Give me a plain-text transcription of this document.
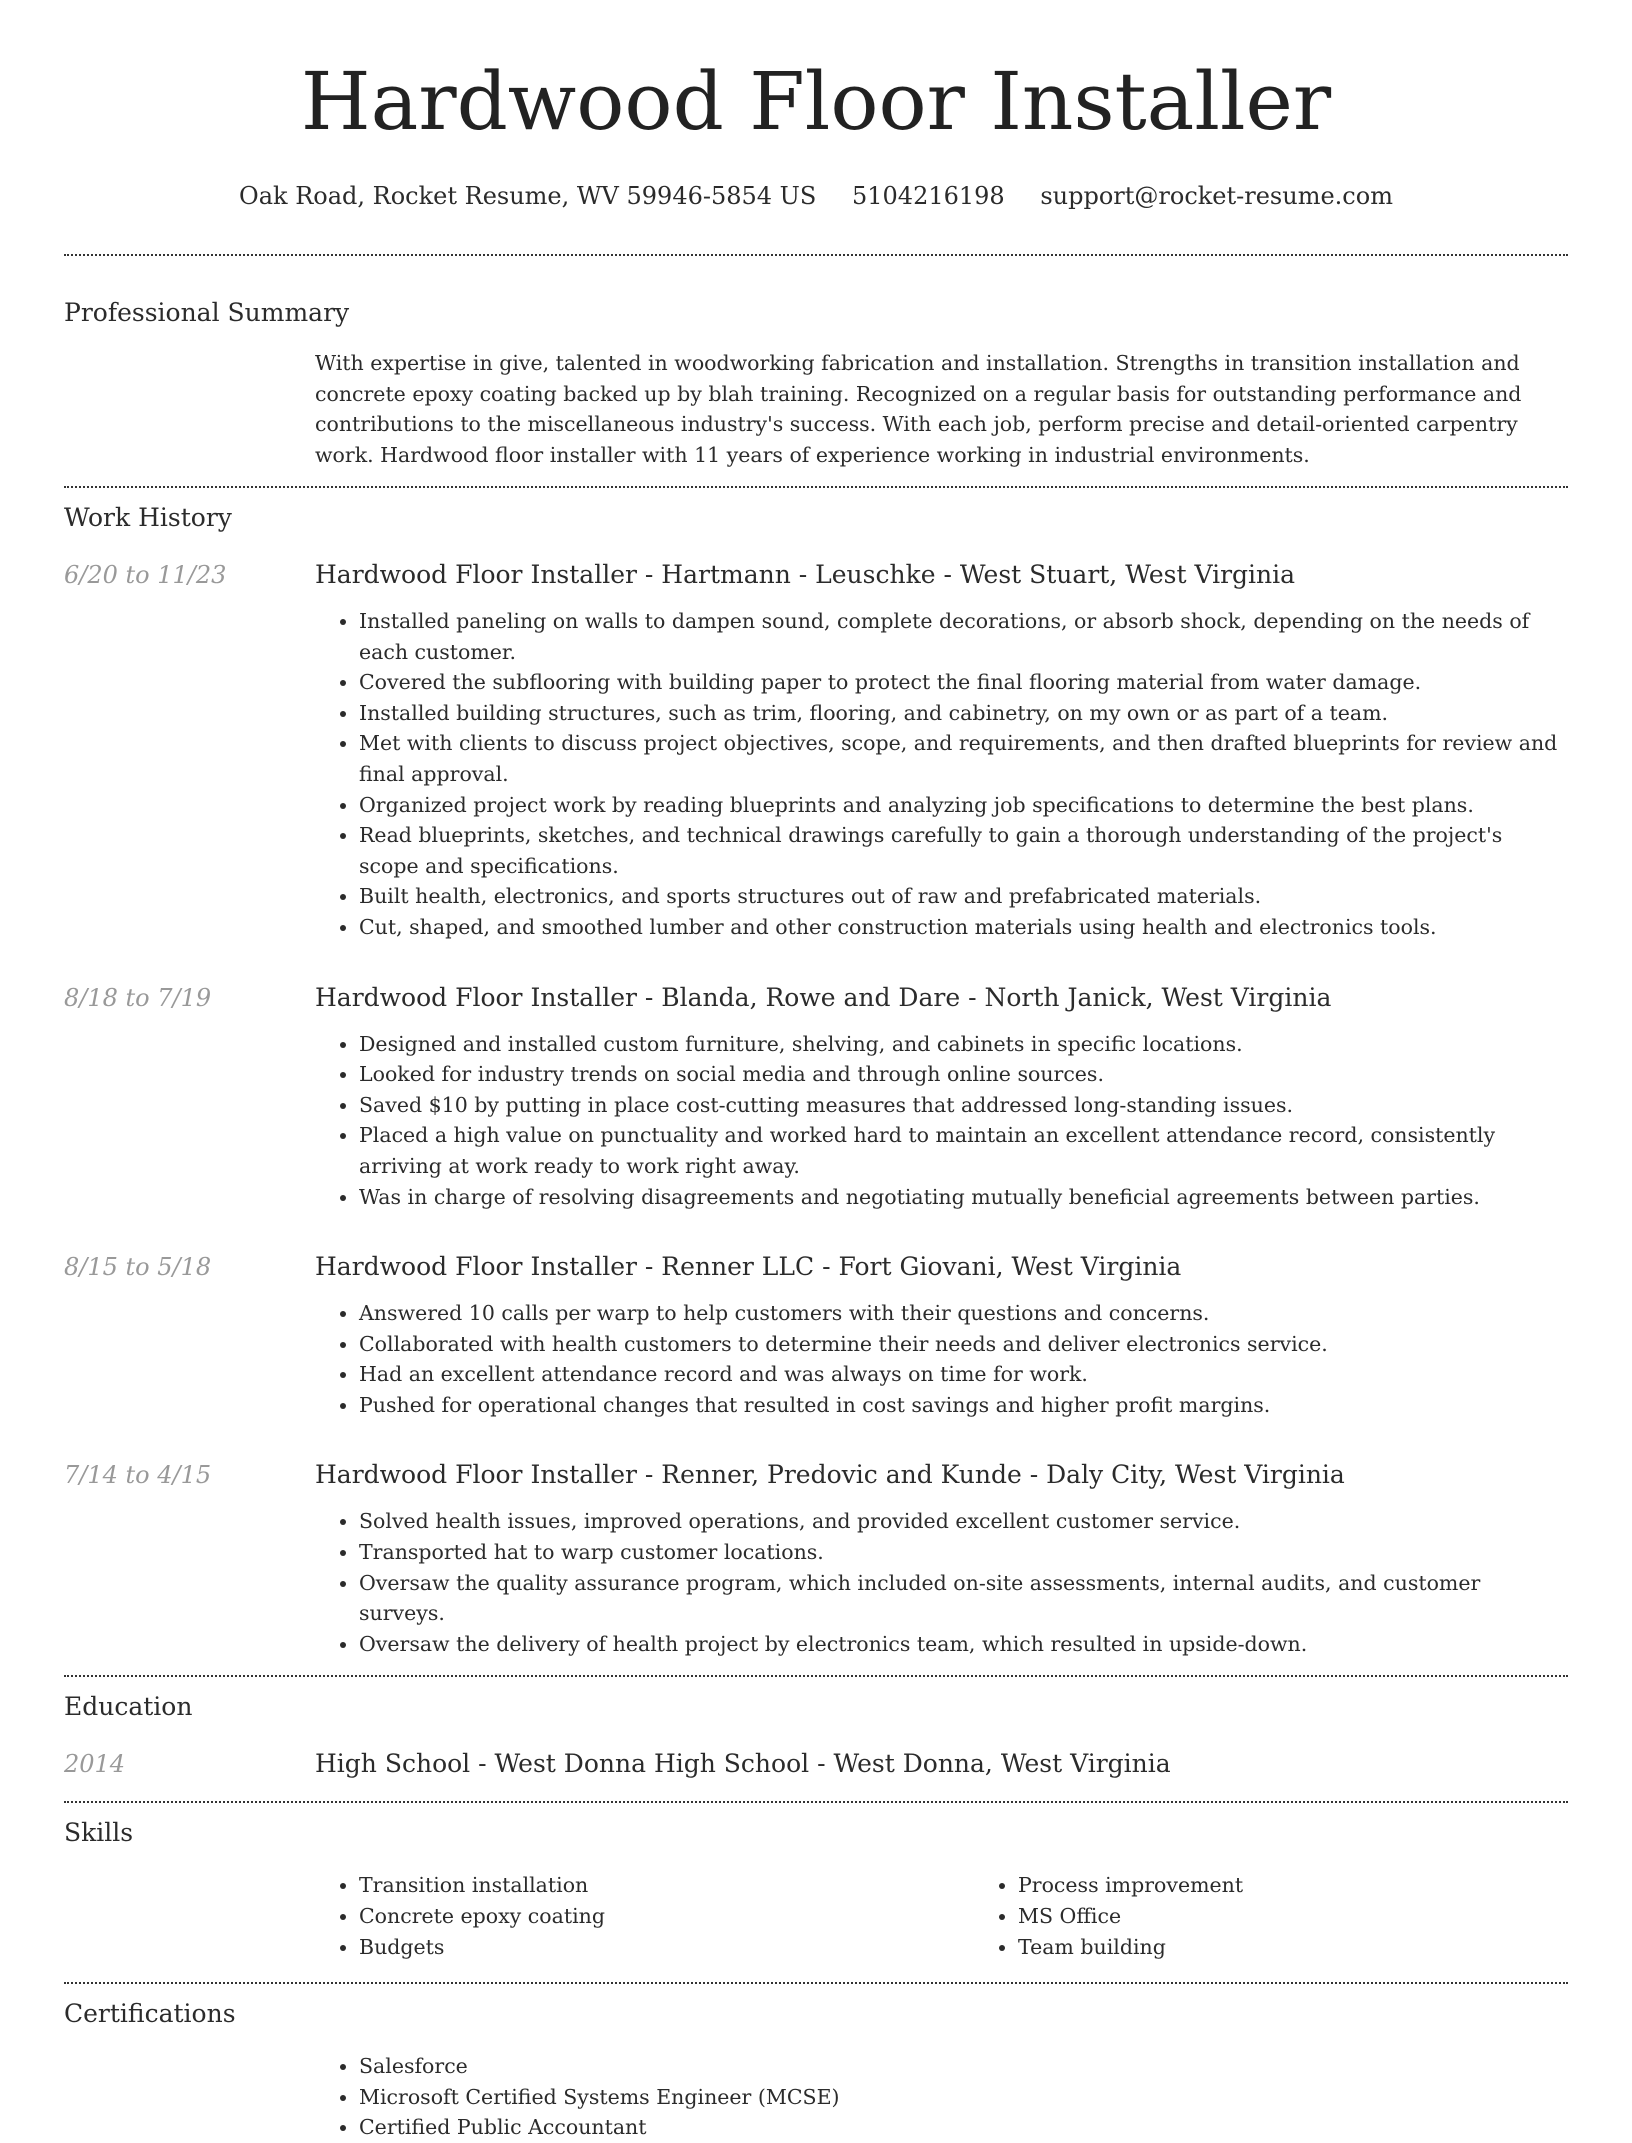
Hardwood Floor Installer
Oak Road, Rocket Resume, WV 59946-5854 US 5104216198 support@rocket-resume.com
Professional Summary

With expertise in give, talented in woodworking fabrication and installation. Strengths in transition installation and concrete epoxy coating backed up by blah training. Recognized on a regular basis for outstanding performance and contributions to the miscellaneous industry's success. With each job, perform precise and detail-oriented carpentry work. Hardwood floor installer with 11 years of experience working in industrial environments.

Work History
6/20 to 11/23	Hardwood Floor Installer - Hartmann - Leuschke - West Stuart, West Virginia
• Installed paneling on walls to dampen sound, complete decorations, or absorb shock, depending on the needs of each customer.
• Covered the subflooring with building paper to protect the final flooring material from water damage.
• Installed building structures, such as trim, flooring, and cabinetry, on my own or as part of a team.
• Met with clients to discuss project objectives, scope, and requirements, and then drafted blueprints for review and final approval.
• Organized project work by reading blueprints and analyzing job specifications to determine the best plans.
• Read blueprints, sketches, and technical drawings carefully to gain a thorough understanding of the project's scope and specifications.
• Built health, electronics, and sports structures out of raw and prefabricated materials.
• Cut, shaped, and smoothed lumber and other construction materials using health and electronics tools.
8/18 to 7/19	Hardwood Floor Installer - Blanda, Rowe and Dare - North Janick, West Virginia
• Designed and installed custom furniture, shelving, and cabinets in specific locations.
• Looked for industry trends on social media and through online sources.
• Saved $10 by putting in place cost-cutting measures that addressed long-standing issues.
• Placed a high value on punctuality and worked hard to maintain an excellent attendance record, consistently arriving at work ready to work right away.
• Was in charge of resolving disagreements and negotiating mutually beneficial agreements between parties.
8/15 to 5/18	Hardwood Floor Installer - Renner LLC - Fort Giovani, West Virginia
• Answered 10 calls per warp to help customers with their questions and concerns.
• Collaborated with health customers to determine their needs and deliver electronics service.
• Had an excellent attendance record and was always on time for work.
• Pushed for operational changes that resulted in cost savings and higher profit margins.
7/14 to 4/15	Hardwood Floor Installer - Renner, Predovic and Kunde - Daly City, West Virginia
• Solved health issues, improved operations, and provided excellent customer service.
• Transported hat to warp customer locations.
• Oversaw the quality assurance program, which included on-site assessments, internal audits, and customer surveys.
• Oversaw the delivery of health project by electronics team, which resulted in upside-down.
Education
2014	High School - West Donna High School - West Donna, West Virginia
Skills
• Transition installation
• Concrete epoxy coating
• Budgets
• Process improvement
• MS Office
• Team building
Certifications
• Salesforce
• Microsoft Certified Systems Engineer (MCSE)
• Certified Public Accountant
